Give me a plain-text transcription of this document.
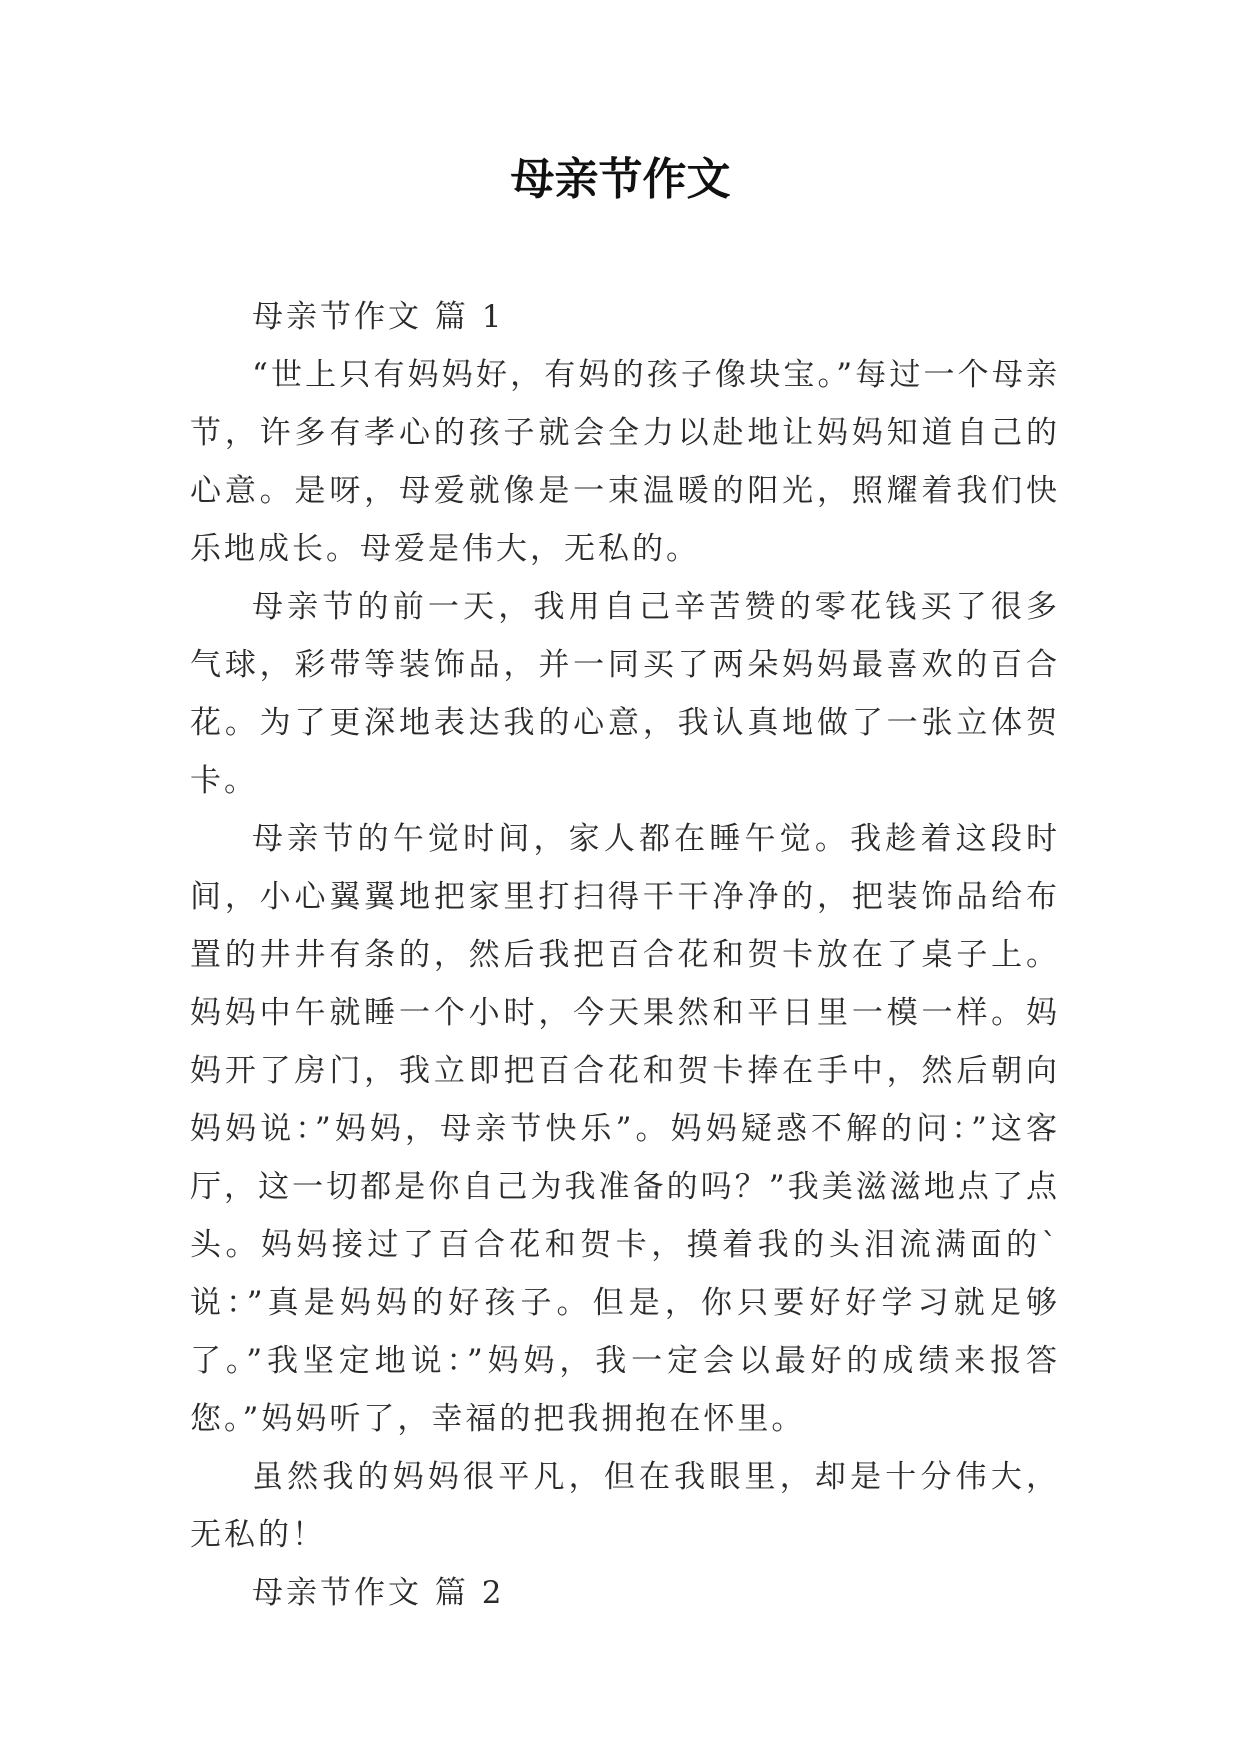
母亲节作文

母亲节作文 篇 1

“世上只有妈妈好，有妈的孩子像块宝。”每过一个母亲节，许多有孝心的孩子就会全力以赴地让妈妈知道自己的心意。是呀，母爱就像是一束温暖的阳光，照耀着我们快乐地成长。母爱是伟大，无私的。

母亲节的前一天，我用自己辛苦赞的零花钱买了很多气球，彩带等装饰品，并一同买了两朵妈妈最喜欢的百合花。为了更深地表达我的心意，我认真地做了一张立体贺卡。

母亲节的午觉时间，家人都在睡午觉。我趁着这段时间，小心翼翼地把家里打扫得干干净净的，把装饰品给布置的井井有条的，然后我把百合花和贺卡放在了桌子上。妈妈中午就睡一个小时，今天果然和平日里一模一样。妈妈开了房门，我立即把百合花和贺卡捧在手中，然后朝向妈妈说：”妈妈，母亲节快乐”。妈妈疑惑不解的问：”这客厅，这一切都是你自己为我准备的吗？”我美滋滋地点了点头。妈妈接过了百合花和贺卡，摸着我的头泪流满面的`说：”真是妈妈的好孩子。但是，你只要好好学习就足够了。”我坚定地说：”妈妈，我一定会以最好的成绩来报答您。”妈妈听了，幸福的把我拥抱在怀里。

虽然我的妈妈很平凡，但在我眼里，却是十分伟大，无私的！

母亲节作文 篇 2
